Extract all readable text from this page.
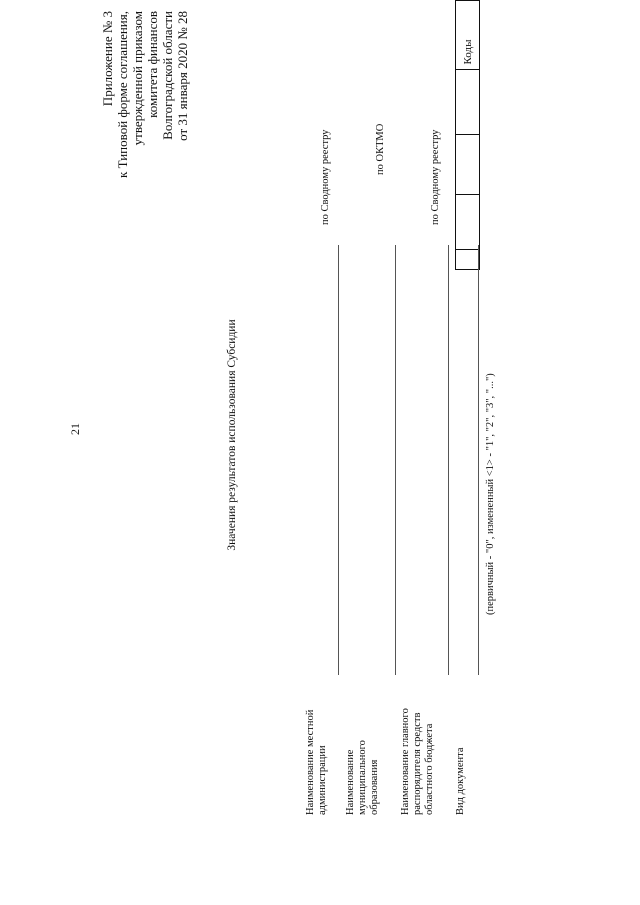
21
Приложение № 3 к Типовой форме соглашения, утвержденной приказом комитета финансов Волгоградской области от 31 января 2020 № 28
Значения результатов использования Субсидии
Коды
по Сводному реестру	по ОКТМО	по Сводному реестру
Наименование местной администрации Наименование муниципального образования Наименование главного распорядителя средств областного бюджета Вид документа
(первичный - "0", измененный <1> - "1", "2", "3", "...")
